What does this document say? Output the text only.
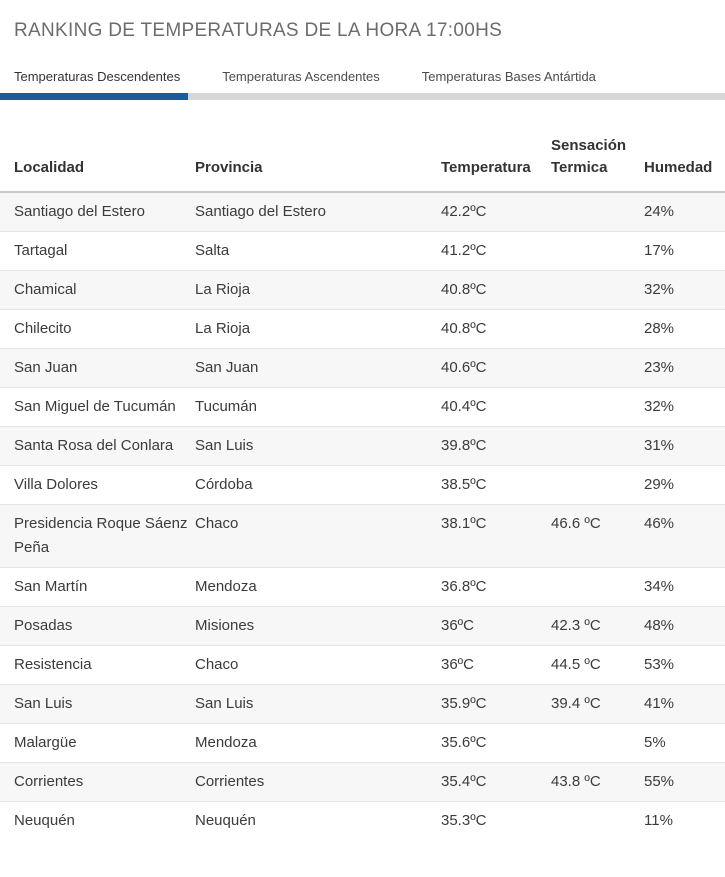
RANKING DE TEMPERATURAS DE LA HORA 17:00HS
Temperaturas Descendentes	Temperaturas Ascendentes	Temperaturas Bases Antártida
Localidad	Provincia	Temperatura	Sensación Termica	Humedad
Santiago del Estero	Santiago del Estero	42.2ºC		24%
Tartagal	Salta	41.2ºC		17%
Chamical	La Rioja	40.8ºC		32%
Chilecito	La Rioja	40.8ºC		28%
San Juan	San Juan	40.6ºC		23%
San Miguel de Tucumán	Tucumán	40.4ºC		32%
Santa Rosa del Conlara	San Luis	39.8ºC		31%
Villa Dolores	Córdoba	38.5ºC		29%
Presidencia Roque Sáenz Peña	Chaco	38.1ºC	46.6 ºC	46%
San Martín	Mendoza	36.8ºC		34%
Posadas	Misiones	36ºC	42.3 ºC	48%
Resistencia	Chaco	36ºC	44.5 ºC	53%
San Luis	San Luis	35.9ºC	39.4 ºC	41%
Malargüe	Mendoza	35.6ºC		5%
Corrientes	Corrientes	35.4ºC	43.8 ºC	55%
Neuquén	Neuquén	35.3ºC		11%
